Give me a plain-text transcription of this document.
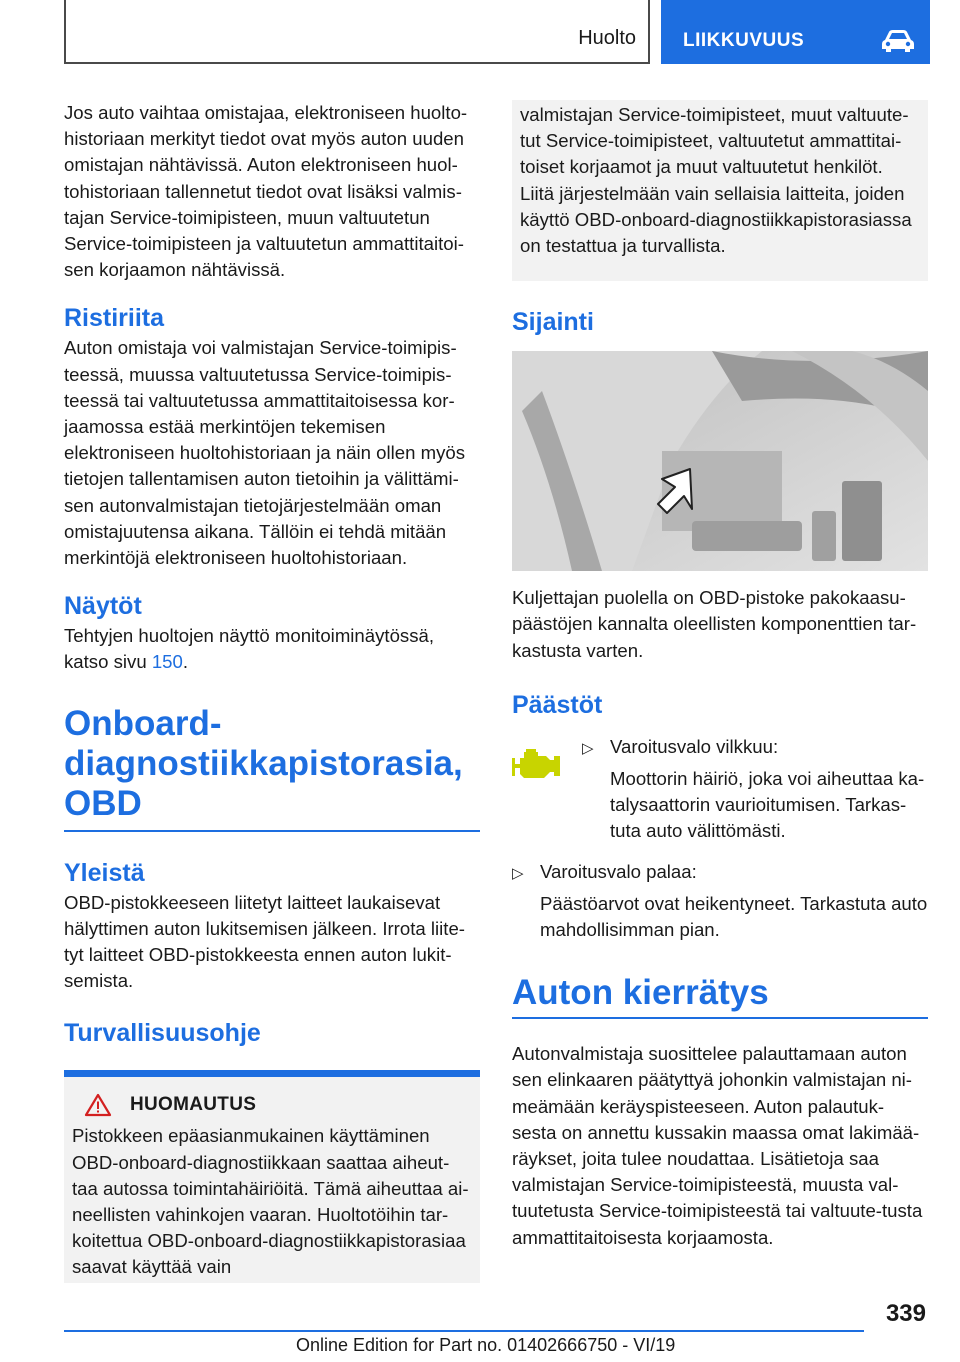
Huolto LIIKKUVUUS

Jos auto vaihtaa omistajaa, elektroniseen huolto-historiaan merkityt tiedot ovat myös auton uuden omistajan nähtävissä. Auton elektroniseen huol-tohistoriaan tallennetut tiedot ovat lisäksi valmis-tajan Service-toimipisteen, muun valtuutetun Service-toimipisteen ja valtuutetun ammattitaitoi-sen korjaamon nähtävissä.

Ristiriita

Auton omistaja voi valmistajan Service-toimipis-teessä, muussa valtuutetussa Service-toimipis-teessä tai valtuutetussa ammattitaitoisessa kor-jaamossa estää merkintöjen tekemisen elektroniseen huoltohistoriaan ja näin ollen myös tietojen tallentamisen auton tietoihin ja välittämi-sen autonvalmistajan tietojärjestelmään oman omistajuutensa aikana. Tällöin ei tehdä mitään merkintöjä elektroniseen huoltohistoriaan.

Näytöt

Tehtyjen huoltojen näyttö monitoiminäytössä, katso sivu 150.

Onboard-
diagnostiikkapistorasia,
OBD
Yleistä

OBD-pistokkeeseen liitetyt laitteet laukaisevat hälyttimen auton lukitsemisen jälkeen. Irrota liite-tyt laitteet OBD-pistokkeesta ennen auton lukit-semista.

Turvallisuusohje
HUOMAUTUS

Pistokkeen epäasianmukainen käyttäminen OBD-onboard-diagnostiikkaan saattaa aiheut-taa autossa toimintahäiriöitä. Tämä aiheuttaa ai-neellisten vahinkojen vaaran. Huoltotöihin tar-koitettua OBD-onboard-diagnostiikkapistorasiaa saavat käyttää vain

valmistajan Service-toimipisteet, muut valtuute-tut Service-toimipisteet, valtuutetut ammattitai-toiset korjaamot ja muut valtuutetut henkilöt. Liitä järjestelmään vain sellaisia laitteita, joiden käyttö OBD-onboard-diagnostiikkapistorasiassa on testattua ja turvallista.

Sijainti

Kuljettajan puolella on OBD-pistoke pakokaasu-päästöjen kannalta oleellisten komponenttien tar-kastusta varten.

Päästöt
▷ Varoitusvalo vilkkuu:

Moottorin häiriö, joka voi aiheuttaa ka-talysaattorin vaurioitumisen. Tarkas-tuta auto välittömästi.

▷ Varoitusvalo palaa:

Päästöarvot ovat heikentyneet. Tarkastuta auto mahdollisimman pian.

Auton kierrätys

Autonvalmistaja suosittelee palauttamaan auton sen elinkaaren päätyttyä johonkin valmistajan ni-meämään keräyspisteeseen. Auton palautuk-sesta on annettu kussakin maassa omat lakimää-räykset, joita tulee noudattaa. Lisätietoja saa valmistajan Service-toimipisteestä, muusta val-tuutetusta Service-toimipisteestä tai valtuute-tusta ammattitaitoisesta korjaamosta.

339
Online Edition for Part no. 01402666750 - VI/19
